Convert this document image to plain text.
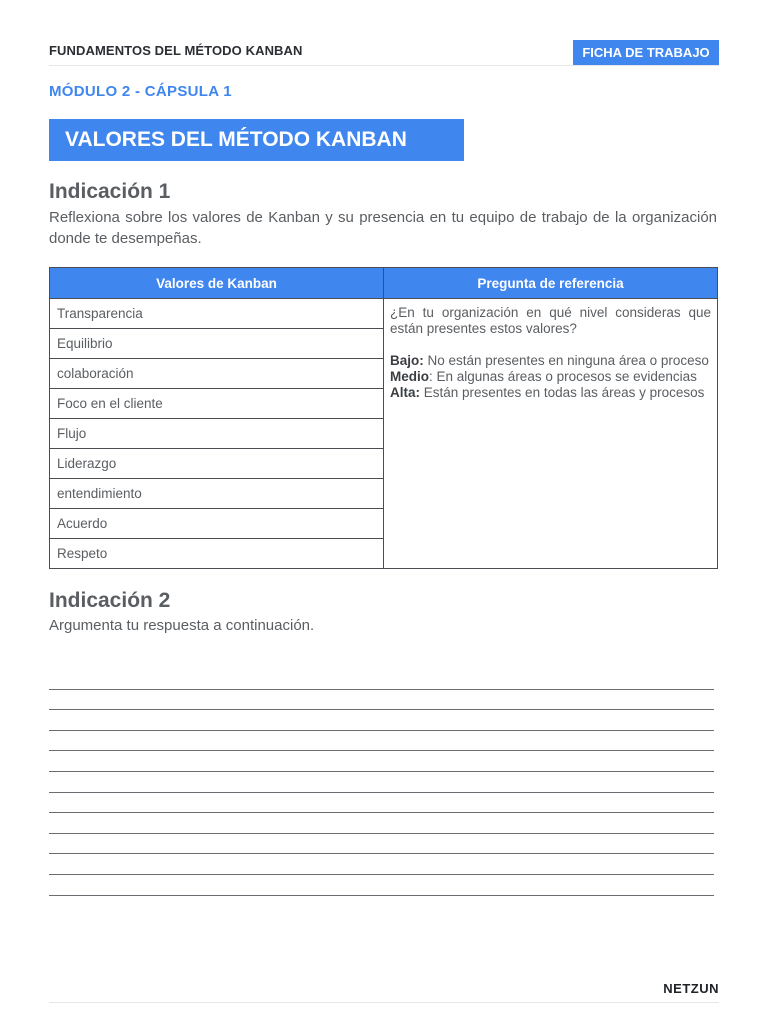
FUNDAMENTOS DEL MÉTODO KANBAN	FICHA DE TRABAJO
MÓDULO 2 - CÁPSULA 1
VALORES DEL MÉTODO KANBAN
Indicación 1
Reflexiona sobre los valores de Kanban y su presencia en tu equipo de trabajo de la organización donde te desempeñas.
Valores de Kanban	Pregunta de referencia
Transparencia	¿En tu organización en qué nivel consideras que están presentes estos valores?

Bajo: No están presentes en ninguna área o proceso

Medio: En algunas áreas o procesos se evidencias

Alta: Están presentes en todas las áreas y procesos

Equilibrio	
colaboración	
Foco en el cliente	
Flujo	
Liderazgo	
entendimiento	
Acuerdo	
Respeto	
Indicación 2
Argumenta tu respuesta a continuación.
NETZUN
